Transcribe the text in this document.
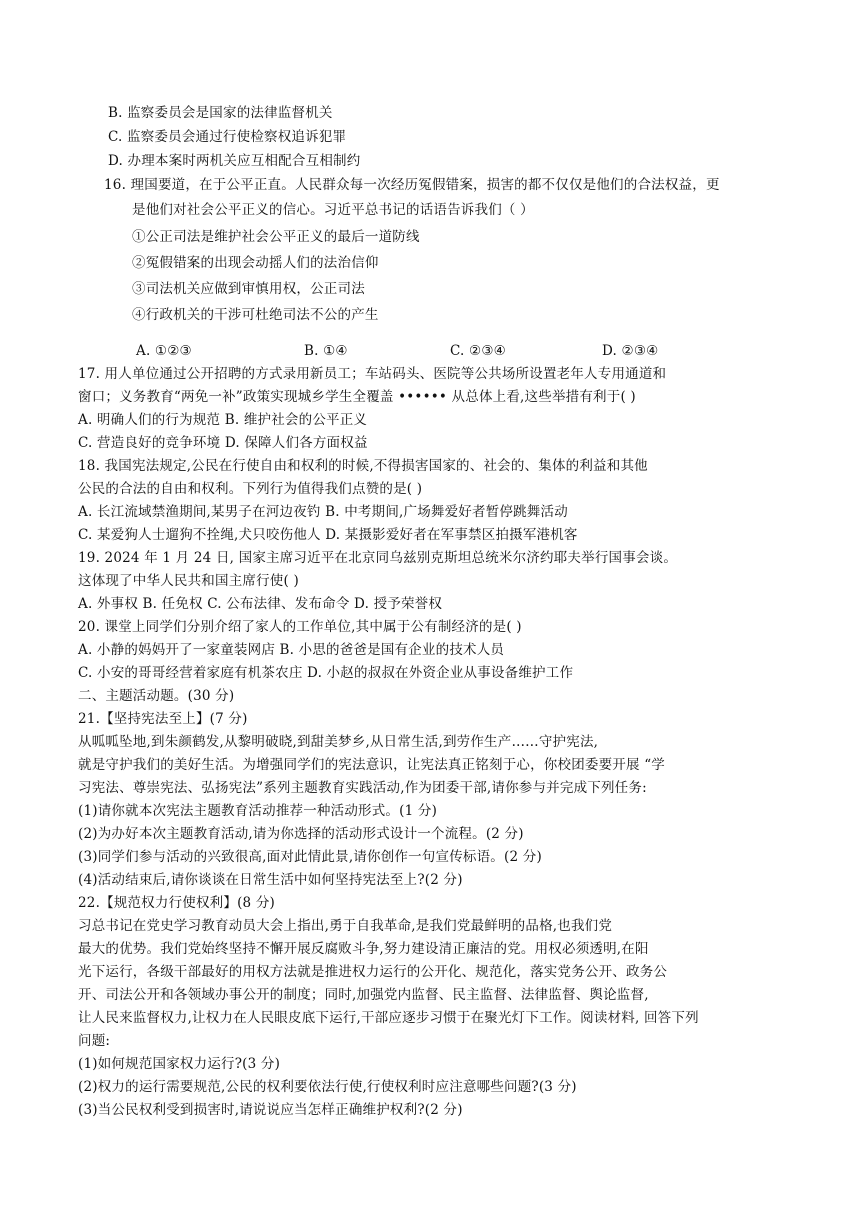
B. 监察委员会是国家的法律监督机关
C. 监察委员会通过行使检察权追诉犯罪
D. 办理本案时两机关应互相配合互相制约
16. 理国要道，在于公平正直。人民群众每一次经历冤假错案，损害的都不仅仅是他们的合法权益，更
是他们对社会公平正义的信心。习近平总书记的话语告诉我们（ ）
①公正司法是维护社会公平正义的最后一道防线
②冤假错案的出现会动摇人们的法治信仰
③司法机关应做到审慎用权，公正司法
④行政机关的干涉可杜绝司法不公的产生
A. ①②③	B. ①④	C. ②③④	D. ②③④
17. 用人单位通过公开招聘的方式录用新员工；车站码头、医院等公共场所设置老年人专用通道和
窗口；义务教育“两免一补”政策实现城乡学生全覆盖 •••••• 从总体上看,这些举措有利于( )
A. 明确人们的行为规范 B. 维护社会的公平正义
C. 营造良好的竞争环境 D. 保障人们各方面权益
18. 我国宪法规定,公民在行使自由和权利的时候,不得损害国家的、社会的、集体的利益和其他
公民的合法的自由和权利。下列行为值得我们点赞的是( )
A. 长江流域禁渔期间,某男子在河边夜钓 B. 中考期间,广场舞爱好者暂停跳舞活动
C. 某爱狗人士遛狗不拴绳,犬只咬伤他人 D. 某摄影爱好者在军事禁区拍摄军港机客
19. 2024 年 1 月 24 日, 国家主席习近平在北京同乌兹别克斯坦总统米尔济约耶夫举行国事会谈。
这体现了中华人民共和国主席行使( )
A. 外事权 B. 任免权 C. 公布法律、发布命令 D. 授予荣誉权
20. 课堂上同学们分别介绍了家人的工作单位,其中属于公有制经济的是( )
A. 小静的妈妈开了一家童装网店 B. 小思的爸爸是国有企业的技术人员
C. 小安的哥哥经营着家庭有机茶农庄 D. 小赵的叔叔在外资企业从事设备维护工作
二、主题活动题。(30 分)
21.【坚持宪法至上】(7 分)
从呱呱坠地,到朱颜鹤发,从黎明破晓,到甜美梦乡,从日常生活,到劳作生产……守护宪法,
就是守护我们的美好生活。为增强同学们的宪法意识，让宪法真正铭刻于心，你校团委要开展 “学
习宪法、尊崇宪法、弘扬宪法”系列主题教育实践活动,作为团委干部,请你参与并完成下列任务:
(1)请你就本次宪法主题教育活动推荐一种活动形式。(1 分)
(2)为办好本次主题教育活动,请为你选择的活动形式设计一个流程。(2 分)
(3)同学们参与活动的兴致很高,面对此情此景,请你创作一句宣传标语。(2 分)
(4)活动结束后,请你谈谈在日常生活中如何坚持宪法至上?(2 分)
22.【规范权力行使权利】(8 分)
习总书记在党史学习教育动员大会上指出,勇于自我革命,是我们党最鲜明的品格,也我们党
最大的优势。我们党始终坚持不懈开展反腐败斗争,努力建设清正廉洁的党。用权必须透明,在阳
光下运行，各级干部最好的用权方法就是推进权力运行的公开化、规范化，落实党务公开、政务公
开、司法公开和各领域办事公开的制度；同时,加强党内监督、民主监督、法律监督、舆论监督,
让人民来监督权力,让权力在人民眼皮底下运行,干部应逐步习惯于在聚光灯下工作。阅读材料, 回答下列
问题:
(1)如何规范国家权力运行?(3 分)
(2)权力的运行需要规范,公民的权利要依法行使,行使权利时应注意哪些问题?(3 分)
(3)当公民权利受到损害时,请说说应当怎样正确维护权利?(2 分)
